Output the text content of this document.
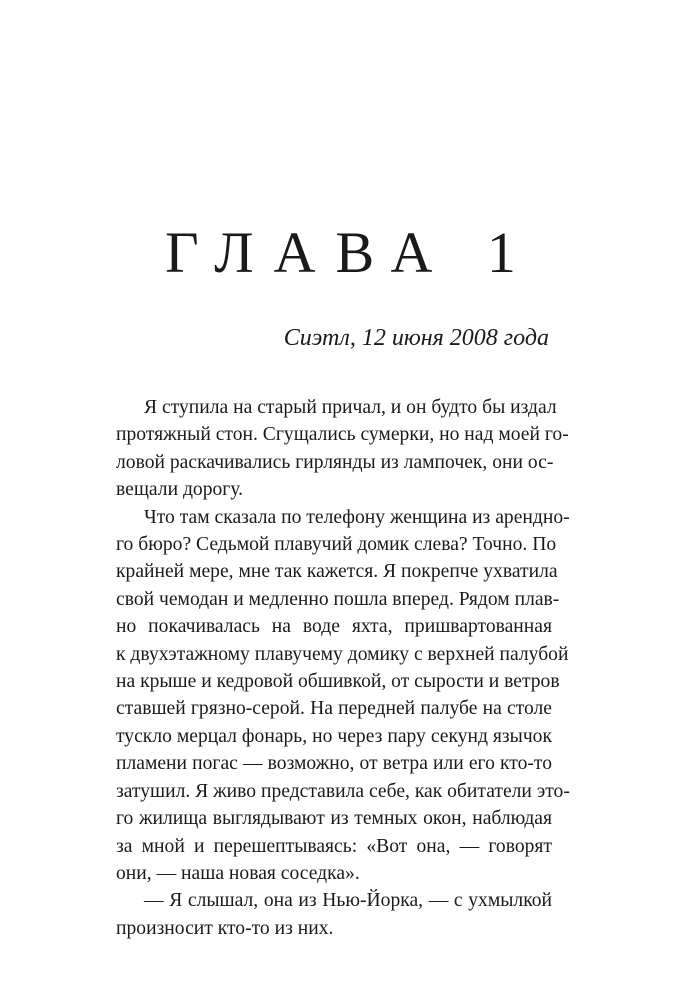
ГЛАВА 1
Сиэтл, 12 июня 2008 года
Я ступила на старый причал, и он будто бы издал
протяжный стон. Сгущались сумерки, но над моей го-
ловой раскачивались гирлянды из лампочек, они ос-
вещали дорогу.
Что там сказала по телефону женщина из арендно-
го бюро? Седьмой плавучий домик слева? Точно. По
крайней мере, мне так кажется. Я покрепче ухватила
свой чемодан и медленно пошла вперед. Рядом плав-
но покачивалась на воде яхта, пришвартованная
к двухэтажному плавучему домику с верхней палубой
на крыше и кедровой обшивкой, от сырости и ветров
ставшей грязно-серой. На передней палубе на столе
тускло мерцал фонарь, но через пару секунд язычок
пламени погас — возможно, от ветра или его кто-то
затушил. Я живо представила себе, как обитатели это-
го жилища выглядывают из темных окон, наблюдая
за мной и перешептываясь: «Вот она, — говорят
они, — наша новая соседка».
— Я слышал, она из Нью-Йорка, — с ухмылкой
произносит кто-то из них.
